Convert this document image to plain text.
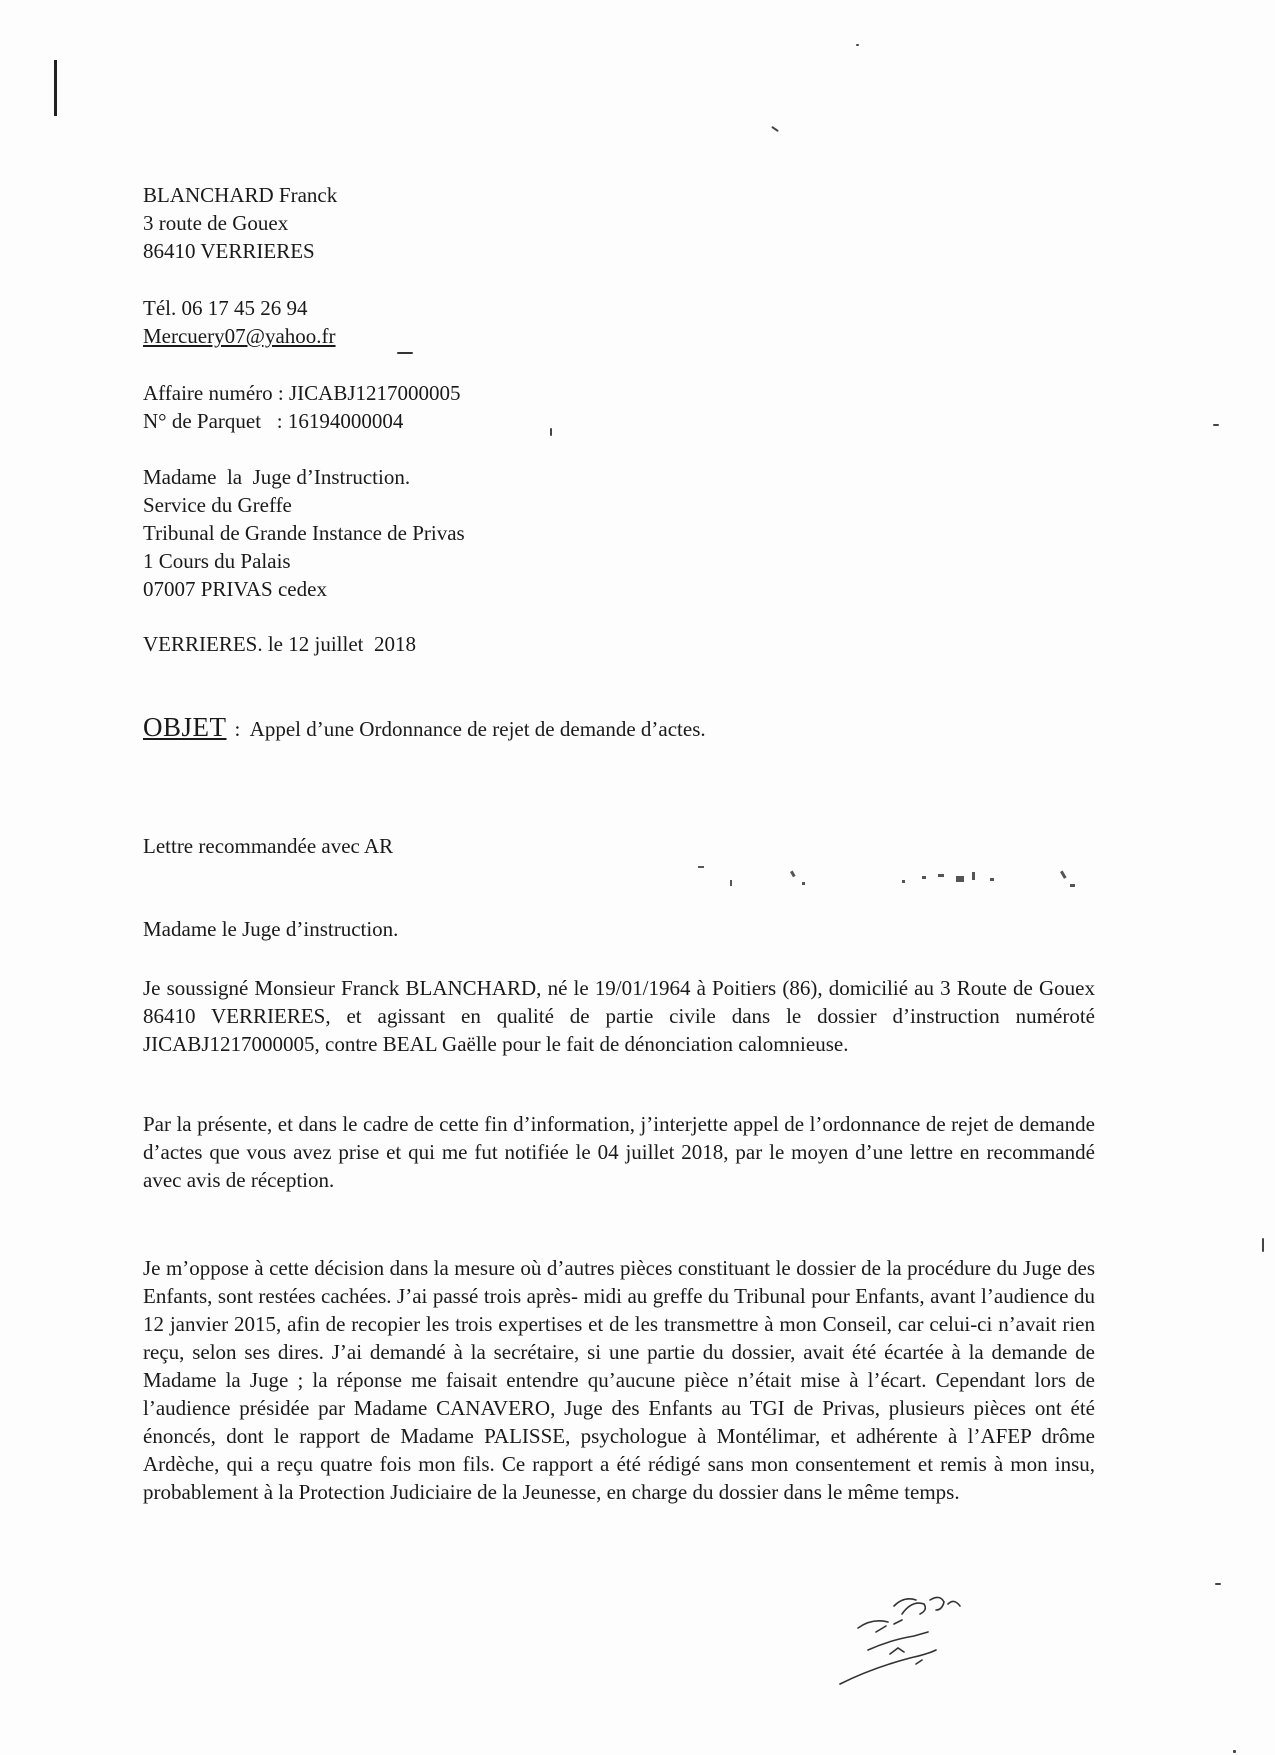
BLANCHARD Franck
3 route de Gouex
86410 VERRIERES
Tél. 06 17 45 26 94
Mercuery07@yahoo.fr
Affaire numéro : JICABJ1217000005
N° de Parquet   : 16194000004
Madame  la  Juge d’Instruction.
Service du Greffe
Tribunal de Grande Instance de Privas
1 Cours du Palais
07007 PRIVAS cedex
VERRIERES. le 12 juillet  2018
OBJET :  Appel d’une Ordonnance de rejet de demande d’actes.
Lettre recommandée avec AR
Madame le Juge d’instruction.

Je soussigné Monsieur Franck BLANCHARD, né le 19/01/1964 à Poitiers (86), domicilié au 3 Route de Gouex 86410 VERRIERES, et agissant en qualité de partie civile dans le dossier d’instruction numéroté JICABJ1217000005, contre BEAL Gaëlle pour le fait de dénonciation calomnieuse.

Par la présente, et dans le cadre de cette fin d’information, j’interjette appel de l’ordonnance de rejet de demande d’actes que vous avez prise et qui me fut notifiée le 04 juillet 2018, par le moyen d’une lettre en recommandé avec avis de réception.

Je m’oppose à cette décision dans la mesure où d’autres pièces constituant le dossier de la procédure du Juge des Enfants, sont restées cachées. J’ai passé trois après- midi au greffe du Tribunal pour Enfants, avant l’audience du 12 janvier 2015, afin de recopier les trois expertises et de les transmettre à mon Conseil, car celui-ci n’avait rien reçu, selon ses dires. J’ai demandé à la secrétaire, si une partie du dossier, avait été écartée à la demande de Madame la Juge ; la réponse me faisait entendre qu’aucune pièce n’était mise à l’écart. Cependant lors de l’audience présidée par Madame CANAVERO, Juge des Enfants au TGI de Privas, plusieurs pièces ont été énoncés, dont le rapport de Madame PALISSE, psychologue à Montélimar, et adhérente à l’AFEP drôme Ardèche, qui a reçu quatre fois mon fils. Ce rapport a été rédigé sans mon consentement et remis à mon insu, probablement à la Protection Judiciaire de la Jeunesse, en charge du dossier dans le même temps.
